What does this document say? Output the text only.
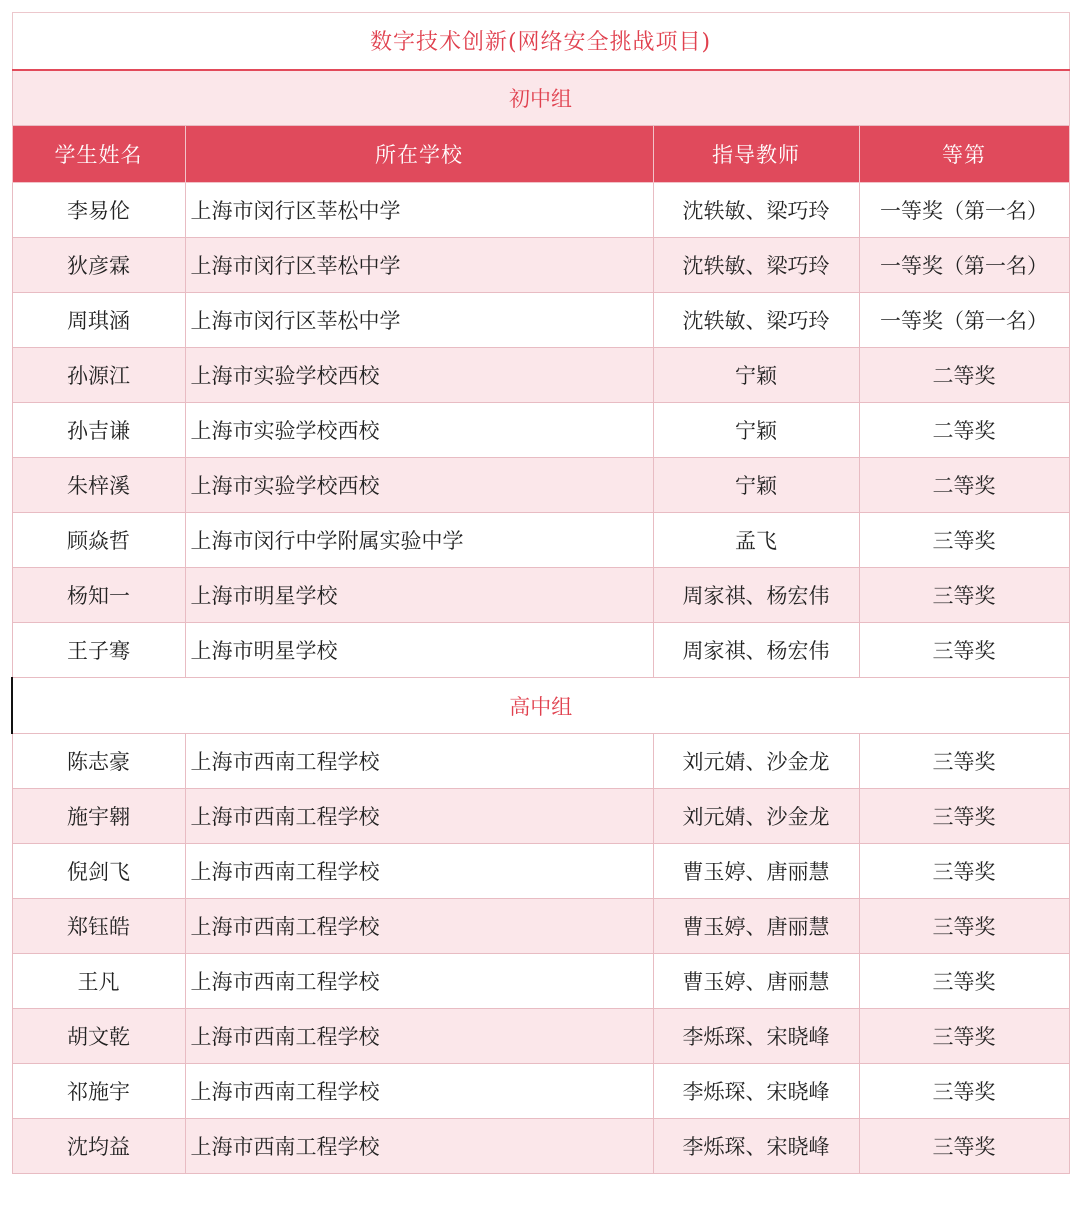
数字技术创新(网络安全挑战项目)			
初中组			
学生姓名	所在学校	指导教师	等第
李易伦	上海市闵行区莘松中学	沈轶敏、梁巧玲	一等奖（第一名）
狄彦霖	上海市闵行区莘松中学	沈轶敏、梁巧玲	一等奖（第一名）
周琪涵	上海市闵行区莘松中学	沈轶敏、梁巧玲	一等奖（第一名）
孙源江	上海市实验学校西校	宁颖	二等奖
孙吉谦	上海市实验学校西校	宁颖	二等奖
朱梓溪	上海市实验学校西校	宁颖	二等奖
顾焱哲	上海市闵行中学附属实验中学	孟飞	三等奖
杨知一	上海市明星学校	周家祺、杨宏伟	三等奖
王子骞	上海市明星学校	周家祺、杨宏伟	三等奖
高中组			
陈志豪	上海市西南工程学校	刘元婧、沙金龙	三等奖
施宇翱	上海市西南工程学校	刘元婧、沙金龙	三等奖
倪剑飞	上海市西南工程学校	曹玉婷、唐丽慧	三等奖
郑钰皓	上海市西南工程学校	曹玉婷、唐丽慧	三等奖
王凡	上海市西南工程学校	曹玉婷、唐丽慧	三等奖
胡文乾	上海市西南工程学校	李烁琛、宋晓峰	三等奖
祁施宇	上海市西南工程学校	李烁琛、宋晓峰	三等奖
沈均益	上海市西南工程学校	李烁琛、宋晓峰	三等奖
